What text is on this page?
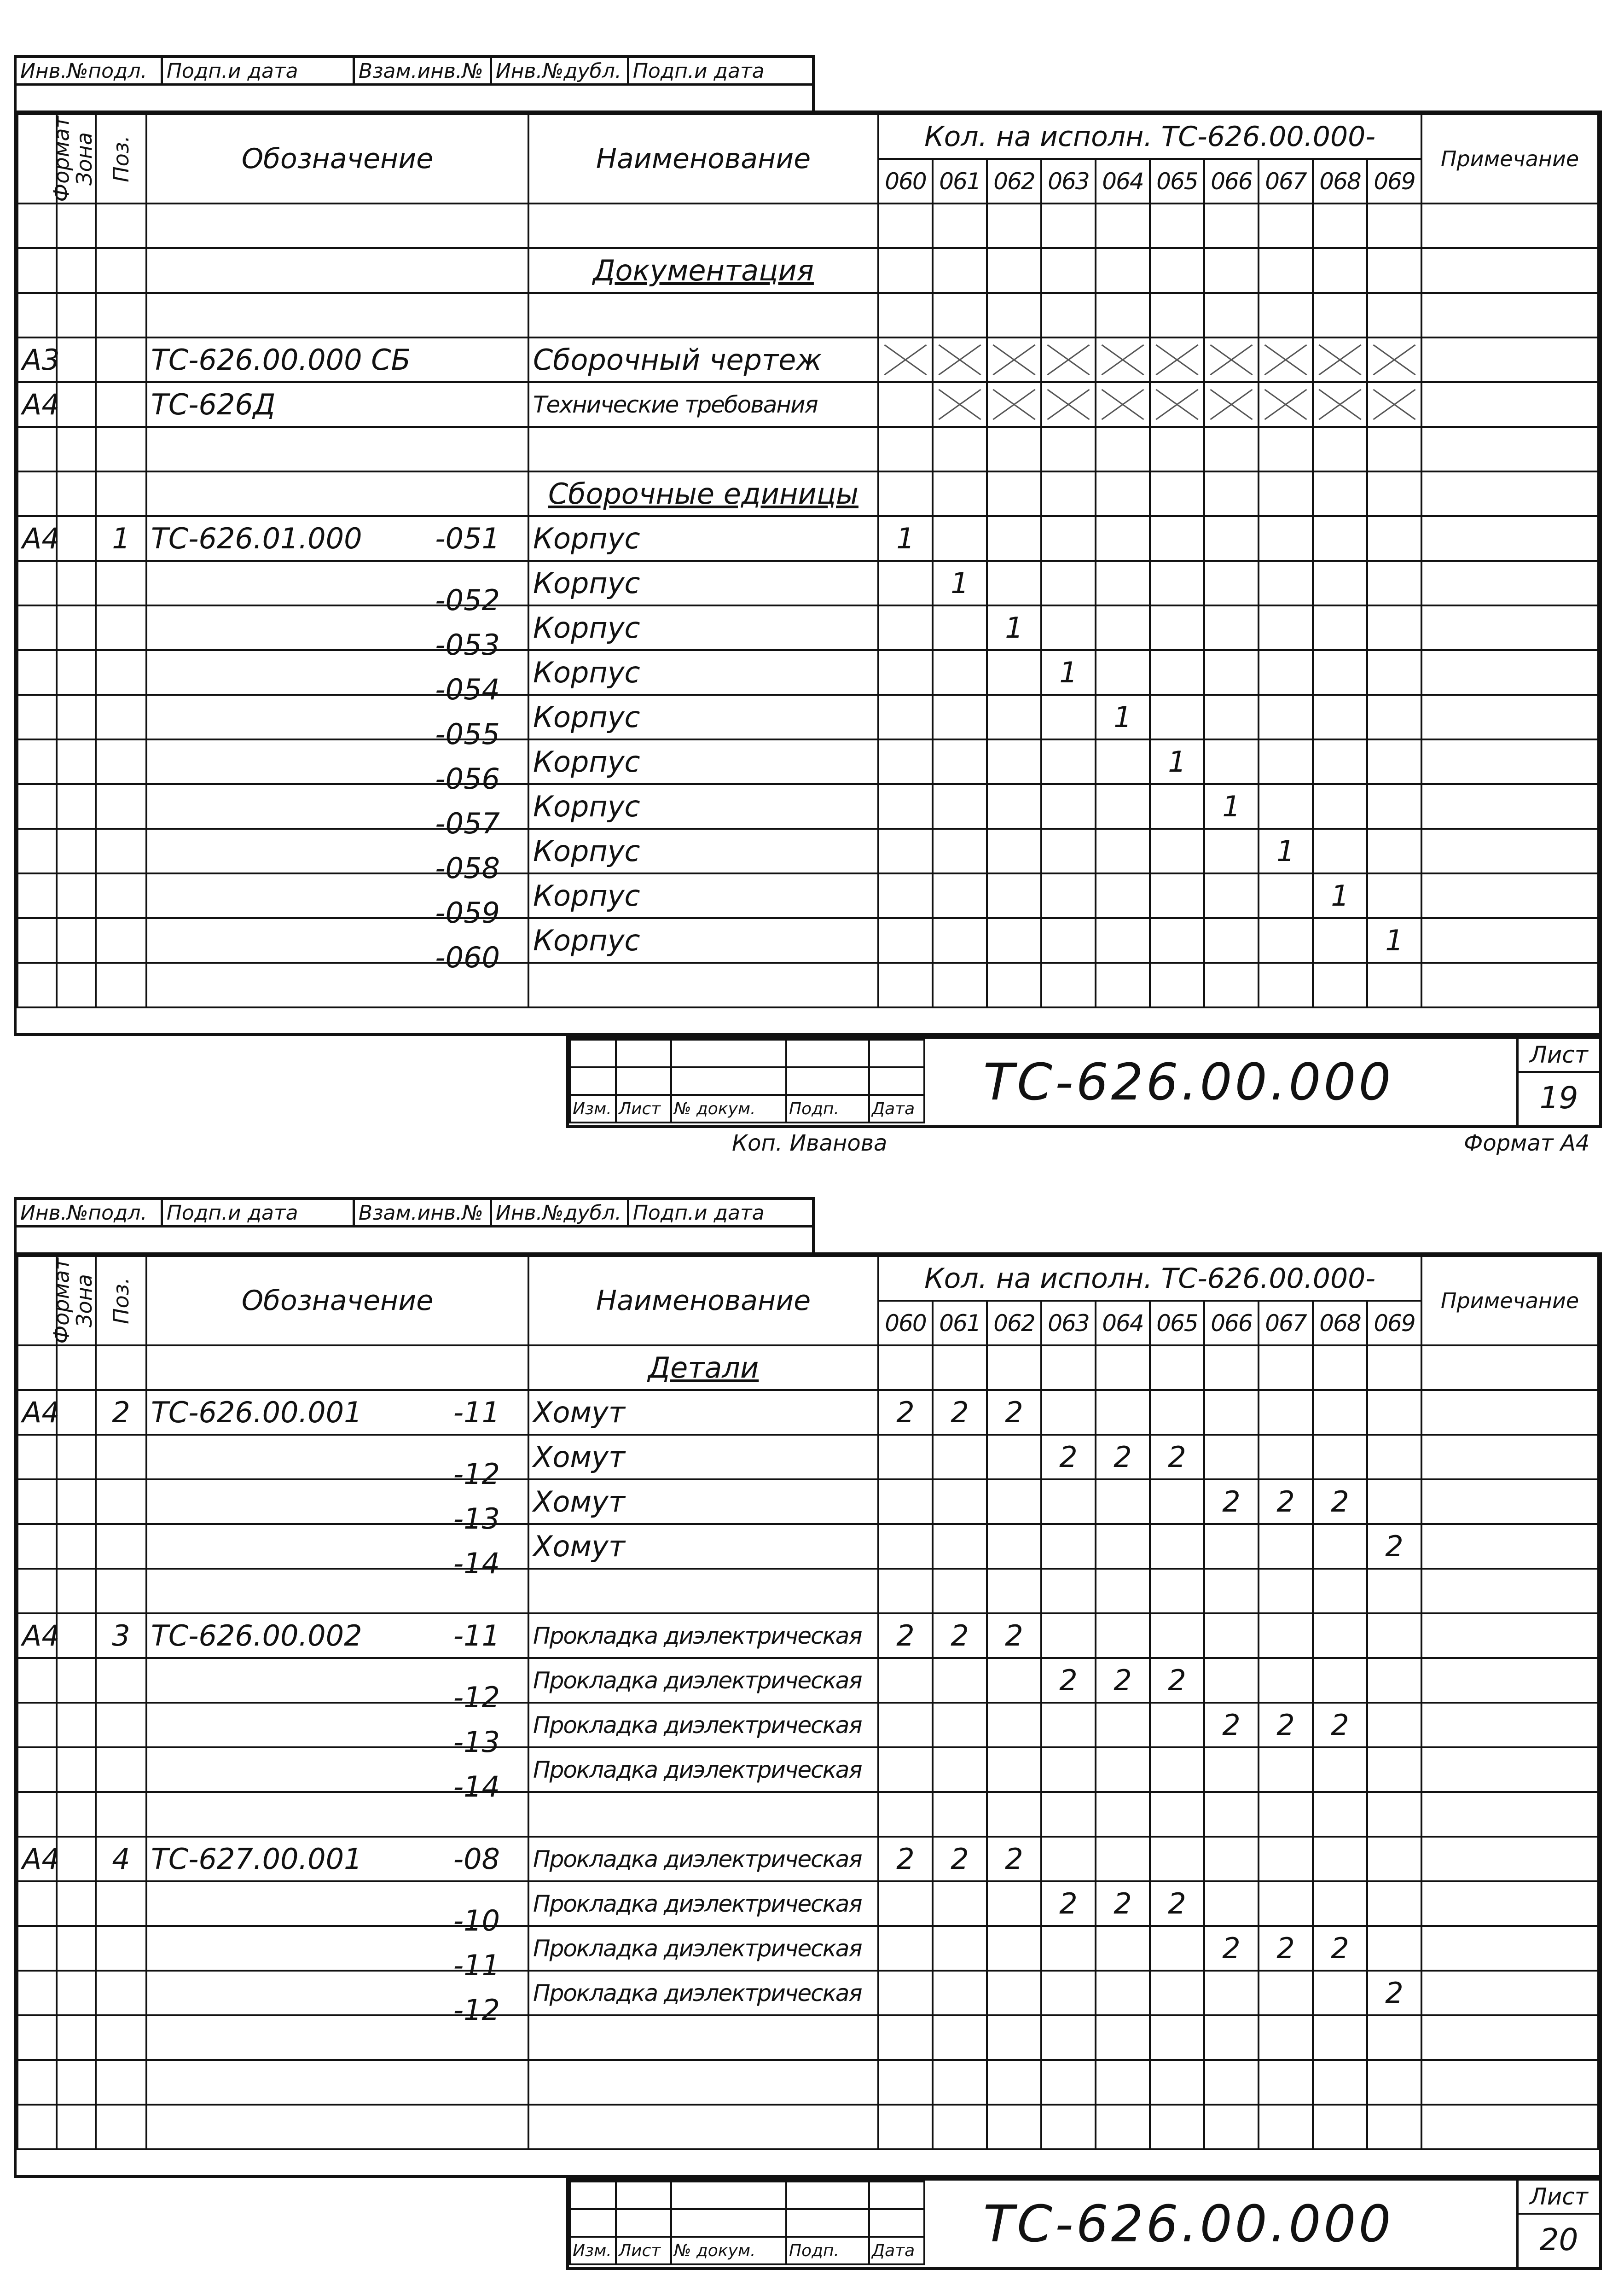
Инв.№подл. Подп.и дата	Взам.инв.№ Инв.№дубл. Подп.и дата
Формат	Зона	Поз.	Обозначение	Наименование	Кол. на исполн. ТС-626.00.000-										Примечание
					060	061	062	063	064	065	066	067	068	069	

				Документация											

А3			ТС-626.00.000 СБ	Сборочный чертеж	

А4			ТС-626Д	Технические требования		

				Сборочные единицы											
А4		1	ТС-626.01.000 -051	Корпус	1										

			-052	Корпус		1									

			-053	Корпус			1								

			-054	Корпус				1							

			-055	Корпус					1						

			-056	Корпус						1					

			-057	Корпус							1				

			-058	Корпус								1			

			-059	Корпус									1		

			-060	Корпус										1	

Изм.	Лист	№ докум.	Подп.	Дата ТС-626.00.000	Лист
19
Коп. Иванова	Формат А4
Инв.№подл. Подп.и дата	Взам.инв.№ Инв.№дубл. Подп.и дата
Формат	Зона	Поз.	Обозначение	Наименование	Кол. на исполн. ТС-626.00.000-										Примечание
					060	061	062	063	064	065	066	067	068	069	
				Детали											
А4		2	ТС-626.00.001 -11	Хомут	2	2	2								

			-12	Хомут				2	2	2					

			-13	Хомут							2	2	2		

			-14	Хомут										2	

А4		3	ТС-626.00.002 -11	Прокладка диэлектрическая	2	2	2								

			-12	Прокладка диэлектрическая				2	2	2					

			-13	Прокладка диэлектрическая							2	2	2		

			-14	Прокладка диэлектрическая											

А4		4	ТС-627.00.001 -08	Прокладка диэлектрическая	2	2	2								

			-10	Прокладка диэлектрическая				2	2	2					

			-11	Прокладка диэлектрическая							2	2	2		

			-12	Прокладка диэлектрическая										2	

Изм.	Лист	№ докум.	Подп.	Дата ТС-626.00.000	Лист
20
